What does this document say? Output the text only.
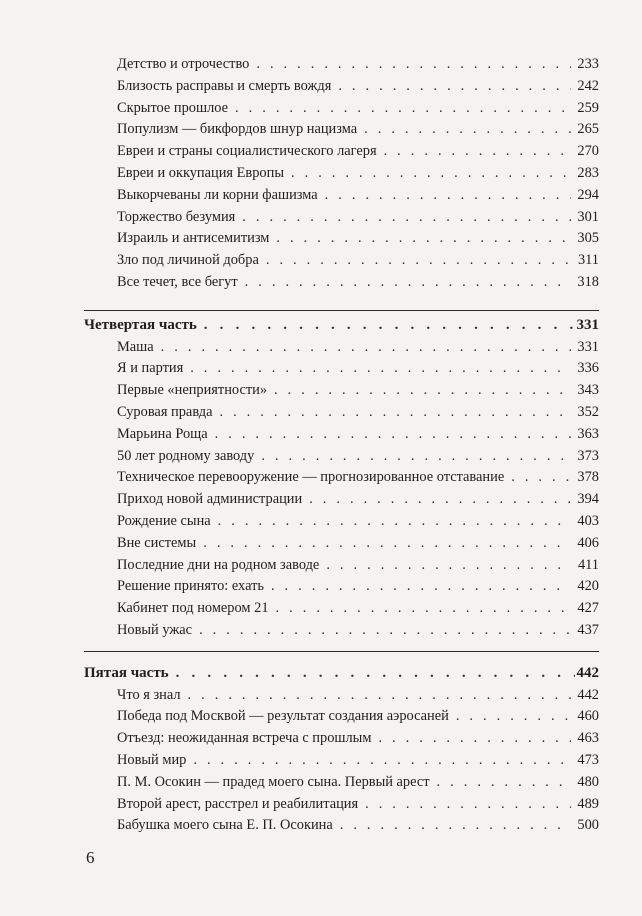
Детство и отрочество . . .	233
Близость расправы и смерть вождя . . .	242
Скрытое прошлое . . .	259
Популизм — бикфордов шнур нацизма . . .	265
Евреи и страны социалистического лагеря . . .	270
Евреи и оккупация Европы . . .	283
Выкорчеваны ли корни фашизма . . .	294
Торжество безумия . . .	301
Израиль и антисемитизм . . .	305
Зло под личиной добра . . .	311
Все течет, все бегут . . .	318
Четвертая часть . . .	331
Маша . . .	331
Я и партия . . .	336
Первые «неприятности» . . .	343
Суровая правда . . .	352
Марьина Роща . . .	363
50 лет родному заводу . . .	373
Техническое перевооружение — прогнозированное отставание . . .	378
Приход новой администрации . . .	394
Рождение сына . . .	403
Вне системы . . .	406
Последние дни на родном заводе . . .	411
Решение принято: ехать . . .	420
Кабинет под номером 21 . . .	427
Новый ужас . . .	437
Пятая часть . . .	442
Что я знал . . .	442
Победа под Москвой — результат создания аэросаней . . .	460
Отъезд: неожиданная встреча с прошлым . . .	463
Новый мир . . .	473
П. М. Осокин — прадед моего сына. Первый арест . . .	480
Второй арест, расстрел и реабилитация . . .	489
Бабушка моего сына Е. П. Осокина . . .	500
6
